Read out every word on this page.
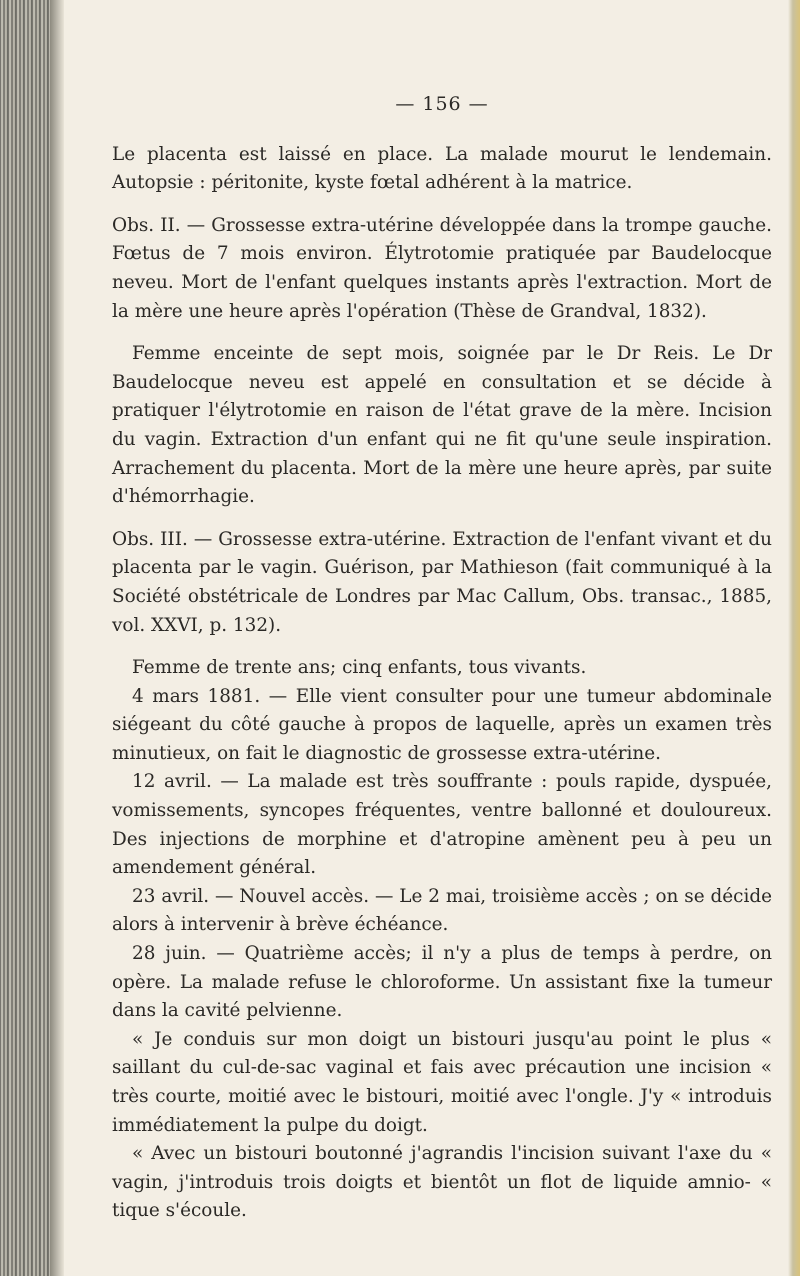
— 156 —

Le placenta est laissé en place. La malade mourut le lendemain. Autopsie : péritonite, kyste fœtal adhérent à la matrice.

Obs. II. — Grossesse extra-utérine développée dans la trompe gauche. Fœtus de 7 mois environ. Élytrotomie pratiquée par Baudelocque neveu. Mort de l'enfant quelques instants après l'extraction. Mort de la mère une heure après l'opération (Thèse de Grandval, 1832).

Femme enceinte de sept mois, soignée par le Dr Reis. Le Dr Baudelocque neveu est appelé en consultation et se décide à pratiquer l'élytrotomie en raison de l'état grave de la mère. Incision du vagin. Extraction d'un enfant qui ne fit qu'une seule inspiration. Arrachement du placenta. Mort de la mère une heure après, par suite d'hémorrhagie.

Obs. III. — Grossesse extra-utérine. Extraction de l'enfant vivant et du placenta par le vagin. Guérison, par Mathieson (fait communiqué à la Société obstétricale de Londres par Mac Callum, Obs. transac., 1885, vol. XXVI, p. 132).

Femme de trente ans; cinq enfants, tous vivants.

4 mars 1881. — Elle vient consulter pour une tumeur abdominale siégeant du côté gauche à propos de laquelle, après un examen très minutieux, on fait le diagnostic de grossesse extra-utérine.

12 avril. — La malade est très souffrante : pouls rapide, dyspuée, vomissements, syncopes fréquentes, ventre ballonné et douloureux. Des injections de morphine et d'atropine amènent peu à peu un amendement général.

23 avril. — Nouvel accès. — Le 2 mai, troisième accès ; on se décide alors à intervenir à brève échéance.

28 juin. — Quatrième accès; il n'y a plus de temps à perdre, on opère. La malade refuse le chloroforme. Un assistant fixe la tumeur dans la cavité pelvienne.

« Je conduis sur mon doigt un bistouri jusqu'au point le plus « saillant du cul-de-sac vaginal et fais avec précaution une incision « très courte, moitié avec le bistouri, moitié avec l'ongle. J'y « introduis immédiatement la pulpe du doigt.

« Avec un bistouri boutonné j'agrandis l'incision suivant l'axe du « vagin, j'introduis trois doigts et bientôt un flot de liquide amnio- « tique s'écoule.
